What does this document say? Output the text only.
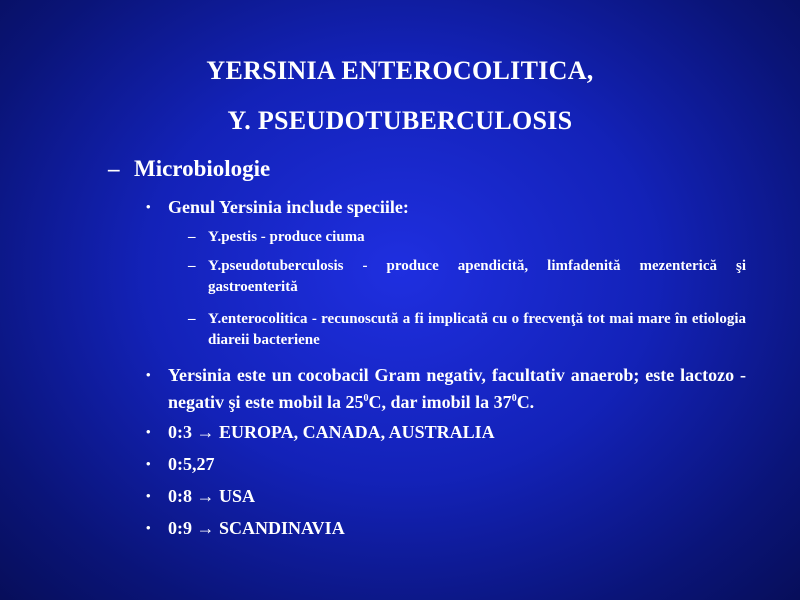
YERSINIA ENTEROCOLITICA,
Y. PSEUDOTUBERCULOSIS
– Microbiologie
• Genul Yersinia include speciile:
– Y.pestis - produce ciuma
– Y.pseudotuberculosis - produce apendicită, limfadenită mezenterică şi gastroenterită
– Y.enterocolitica - recunoscută a fi implicată cu o frecvenţă tot mai mare în etiologia diareii bacteriene
• Yersinia este un cocobacil Gram negativ, facultativ anaerob; este lactozo - negativ şi este mobil la $25^0C$, dar imobil la $37^0C$.
• 0:3 → EUROPA, CANADA, AUSTRALIA
• 0:5,27
• 0:8 → USA
• 0:9 → SCANDINAVIA
